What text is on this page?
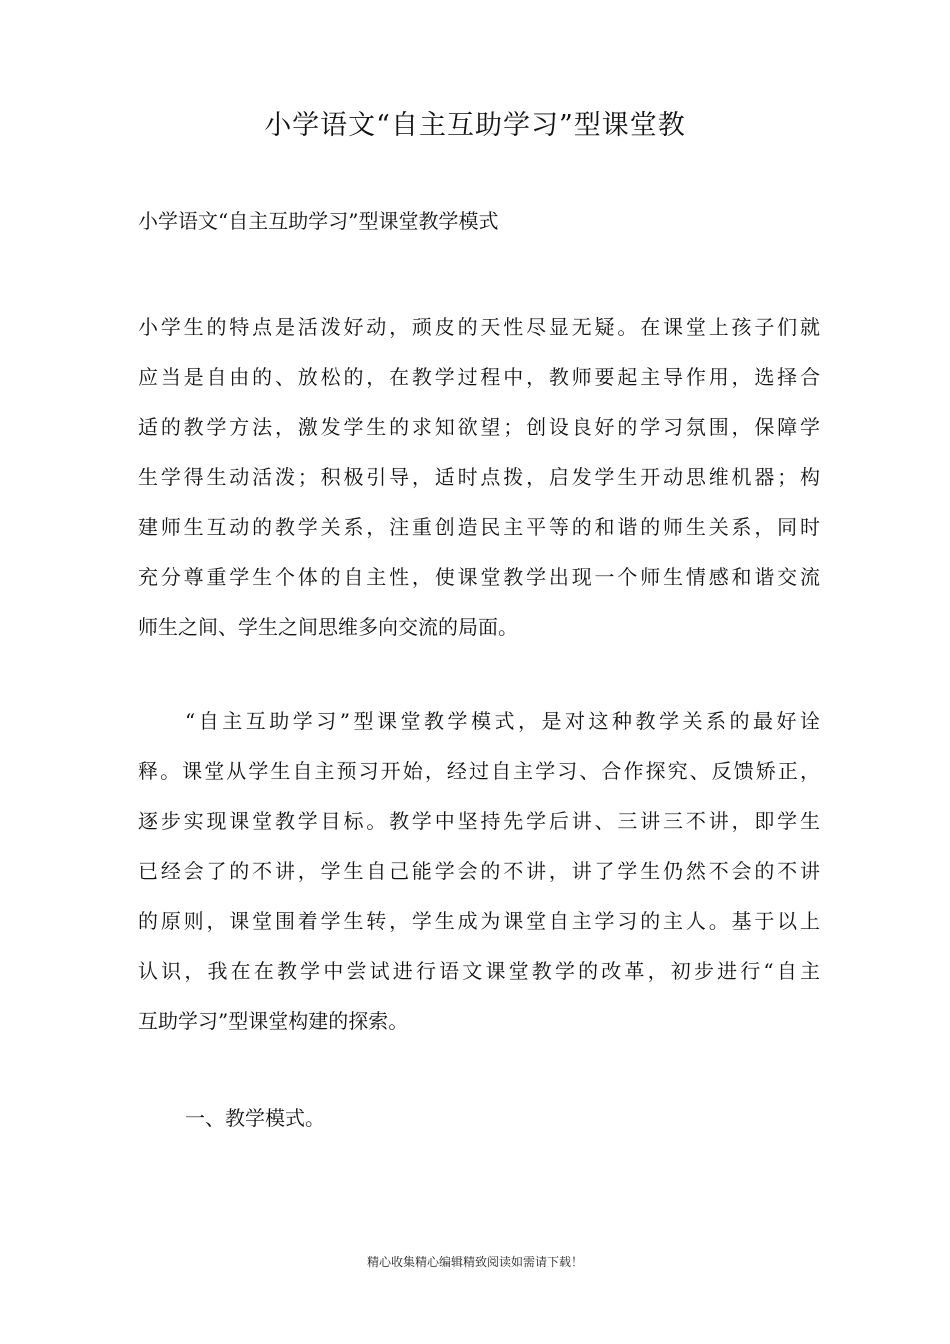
小学语文“自主互助学习”型课堂教
小学语文“自主互助学习”型课堂教学模式
小学生的特点是活泼好动，顽皮的天性尽显无疑。在课堂上孩子们就
应当是自由的、放松的，在教学过程中，教师要起主导作用，选择合
适的教学方法，激发学生的求知欲望；创设良好的学习氛围，保障学
生学得生动活泼；积极引导，适时点拨，启发学生开动思维机器；构
建师生互动的教学关系，注重创造民主平等的和谐的师生关系，同时
充分尊重学生个体的自主性，使课堂教学出现一个师生情感和谐交流
师生之间、学生之间思维多向交流的局面。
　　“自主互助学习”型课堂教学模式，是对这种教学关系的最好诠
释。课堂从学生自主预习开始，经过自主学习、合作探究、反馈矫正，
逐步实现课堂教学目标。教学中坚持先学后讲、三讲三不讲，即学生
已经会了的不讲，学生自己能学会的不讲，讲了学生仍然不会的不讲
的原则，课堂围着学生转，学生成为课堂自主学习的主人。基于以上
认识，我在在教学中尝试进行语文课堂教学的改革，初步进行“自主
互助学习”型课堂构建的探索。
一、教学模式。
精心收集精心编辑精致阅读如需请下载！
